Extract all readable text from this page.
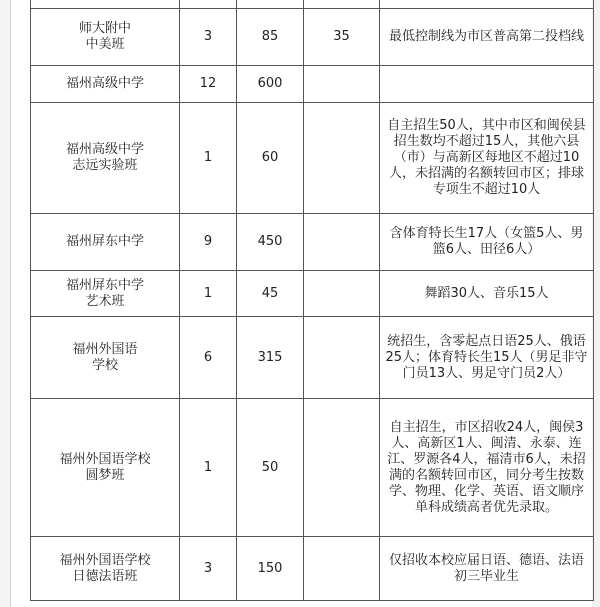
师大附中
中美班	3	85	35	最低控制线为市区普高第二投档线

福州高级中学	12	600		

福州高级中学
志远实验班	1	60		自主招生50人，其中市区和闽侯县招生数均不超过15人，其他六县（市）与高新区每地区不超过10人，未招满的名额转回市区；排球专项生不超过10人

福州屏东中学	9	450		含体育特长生17人（女篮5人、男篮6人、田径6人）

福州屏东中学
艺术班	1	45		舞蹈30人、音乐15人

福州外国语
学校	6	315		统招生，含零起点日语25人、俄语25人；体育特长生15人（男足非守门员13人、男足守门员2人）

福州外国语学校
圆梦班	1	50		自主招生，市区招收24人，闽侯3人、高新区1人、闽清、永泰、连江、罗源各4人，福清市6人，未招满的名额转回市区，同分考生按数学、物理、化学、英语、语文顺序单科成绩高者优先录取。

福州外国语学校
日德法语班	3	150		仅招收本校应届日语、德语、法语初三毕业生
